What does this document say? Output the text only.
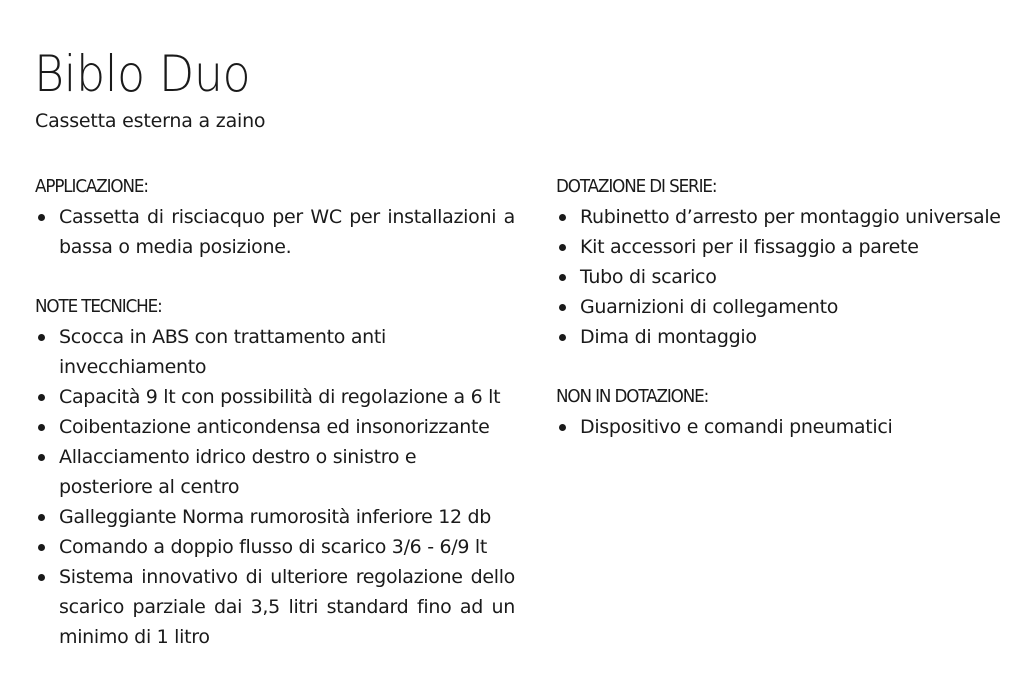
Biblo Duo
Cassetta esterna a zaino
APPLICAZIONE:
Cassetta di risciacquo per WC per installazioni a bassa o media posizione.
NOTE TECNICHE:
Scocca in ABS con trattamento anti invecchiamento
Capacità 9 lt con possibilità di regolazione a 6 lt
Coibentazione anticondensa ed insonorizzante
Allacciamento idrico destro o sinistro e posteriore al centro
Galleggiante Norma rumorosità inferiore 12 db
Comando a doppio flusso di scarico 3/6 - 6/9 lt
Sistema innovativo di ulteriore regolazione dello scarico parziale dai 3,5 litri standard fino ad un minimo di 1 litro
DOTAZIONE DI SERIE:
Rubinetto d’arresto per montaggio universale
Kit accessori per il fissaggio a parete
Tubo di scarico
Guarnizioni di collegamento
Dima di montaggio
NON IN DOTAZIONE:
Dispositivo e comandi pneumatici
